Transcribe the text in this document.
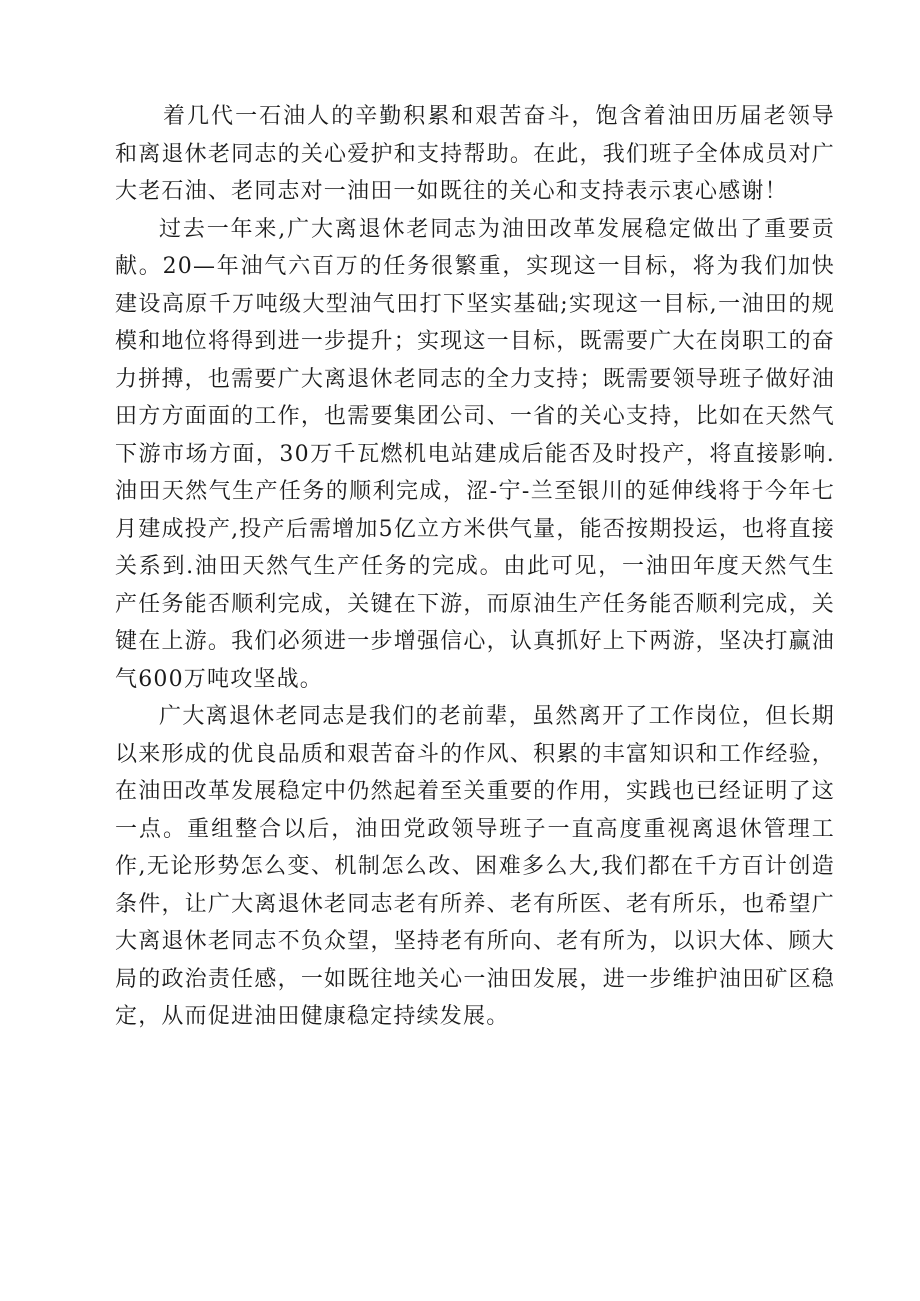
着几代一石油人的辛勤积累和艰苦奋斗，饱含着油田历届老领导和离退休老同志的关心爱护和支持帮助。在此，我们班子全体成员对广大老石油、老同志对一油田一如既往的关心和支持表示衷心感谢！

过去一年来,广大离退休老同志为油田改革发展稳定做出了重要贡献。20—年油气六百万的任务很繁重，实现这一目标，将为我们加快建设高原千万吨级大型油气田打下坚实基础;实现这一目标,一油田的规模和地位将得到进一步提升；实现这一目标，既需要广大在岗职工的奋力拼搏，也需要广大离退休老同志的全力支持；既需要领导班子做好油田方方面面的工作，也需要集团公司、一省的关心支持，比如在天然气下游市场方面，30万千瓦燃机电站建成后能否及时投产，将直接影响.油田天然气生产任务的顺利完成，涩-宁-兰至银川的延伸线将于今年七月建成投产,投产后需增加5亿立方米供气量，能否按期投运，也将直接关系到.油田天然气生产任务的完成。由此可见，一油田年度天然气生产任务能否顺利完成，关键在下游，而原油生产任务能否顺利完成，关键在上游。我们必须进一步增强信心，认真抓好上下两游，坚决打赢油气600万吨攻坚战。

广大离退休老同志是我们的老前辈，虽然离开了工作岗位，但长期以来形成的优良品质和艰苦奋斗的作风、积累的丰富知识和工作经验，在油田改革发展稳定中仍然起着至关重要的作用，实践也已经证明了这一点。重组整合以后，油田党政领导班子一直高度重视离退休管理工作,无论形势怎么变、机制怎么改、困难多么大,我们都在千方百计创造条件，让广大离退休老同志老有所养、老有所医、老有所乐，也希望广大离退休老同志不负众望，坚持老有所向、老有所为，以识大体、顾大局的政治责任感，一如既往地关心一油田发展，进一步维护油田矿区稳定，从而促进油田健康稳定持续发展。
